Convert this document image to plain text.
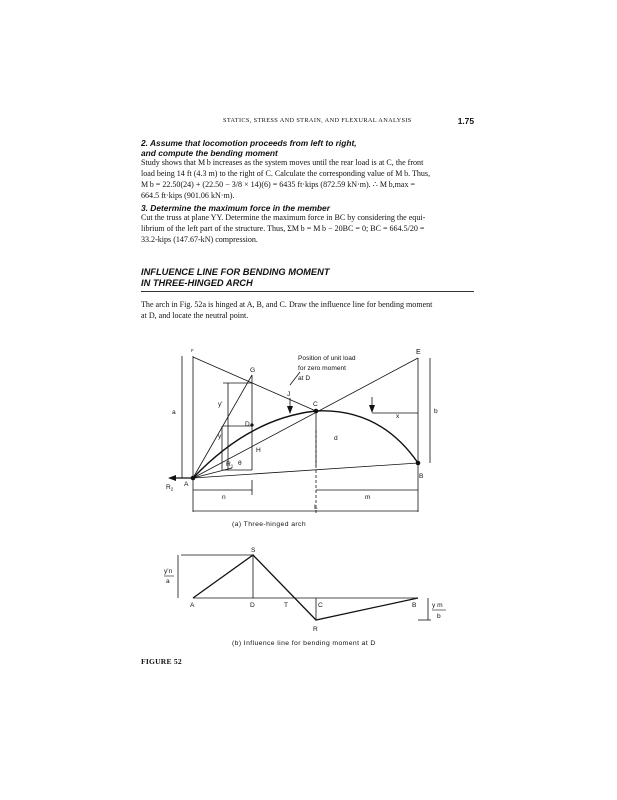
STATICS, STRESS AND STRAIN, AND FLEXURAL ANALYSIS	1.75
2. Assume that locomotion proceeds from left to right,
and compute the bending moment
Study shows that M b increases as the system moves until the rear load is at C, the front
load being 14 ft (4.3 m) to the right of C. Calculate the corresponding value of M b. Thus,
M b = 22.50(24) + (22.50 − 3/8 × 14)(6) = 6435 ft·kips (872.59 kN·m). ∴ M b,max =
664.5 ft·kips (901.06 kN·m).
3. Determine the maximum force in the member
Cut the truss at plane YY. Determine the maximum force in BC by considering the equi-
librium of the left part of the structure. Thus, ΣM b = M b − 20BC = 0; BC = 664.5/20 =
33.2-kips (147.67-kN) compression.
INFLUENCE LINE FOR BENDING MOMENT
IN THREE-HINGED ARCH
The arch in Fig. 52a is hinged at A, B, and C. Draw the influence line for bending moment
at D, and locate the neutral point.
F	E
G
J
C
D
H
B
A
$R_1$
$R_2$
θ
a	b
y'
y	d
x
n	m
L
Position of unit load
for zero moment
at D
(a) Three-hinged arch
S
A	D	T	C	B
R
y'n
a
y m
b
(b) Influence line for bending moment at D
FIGURE 52
